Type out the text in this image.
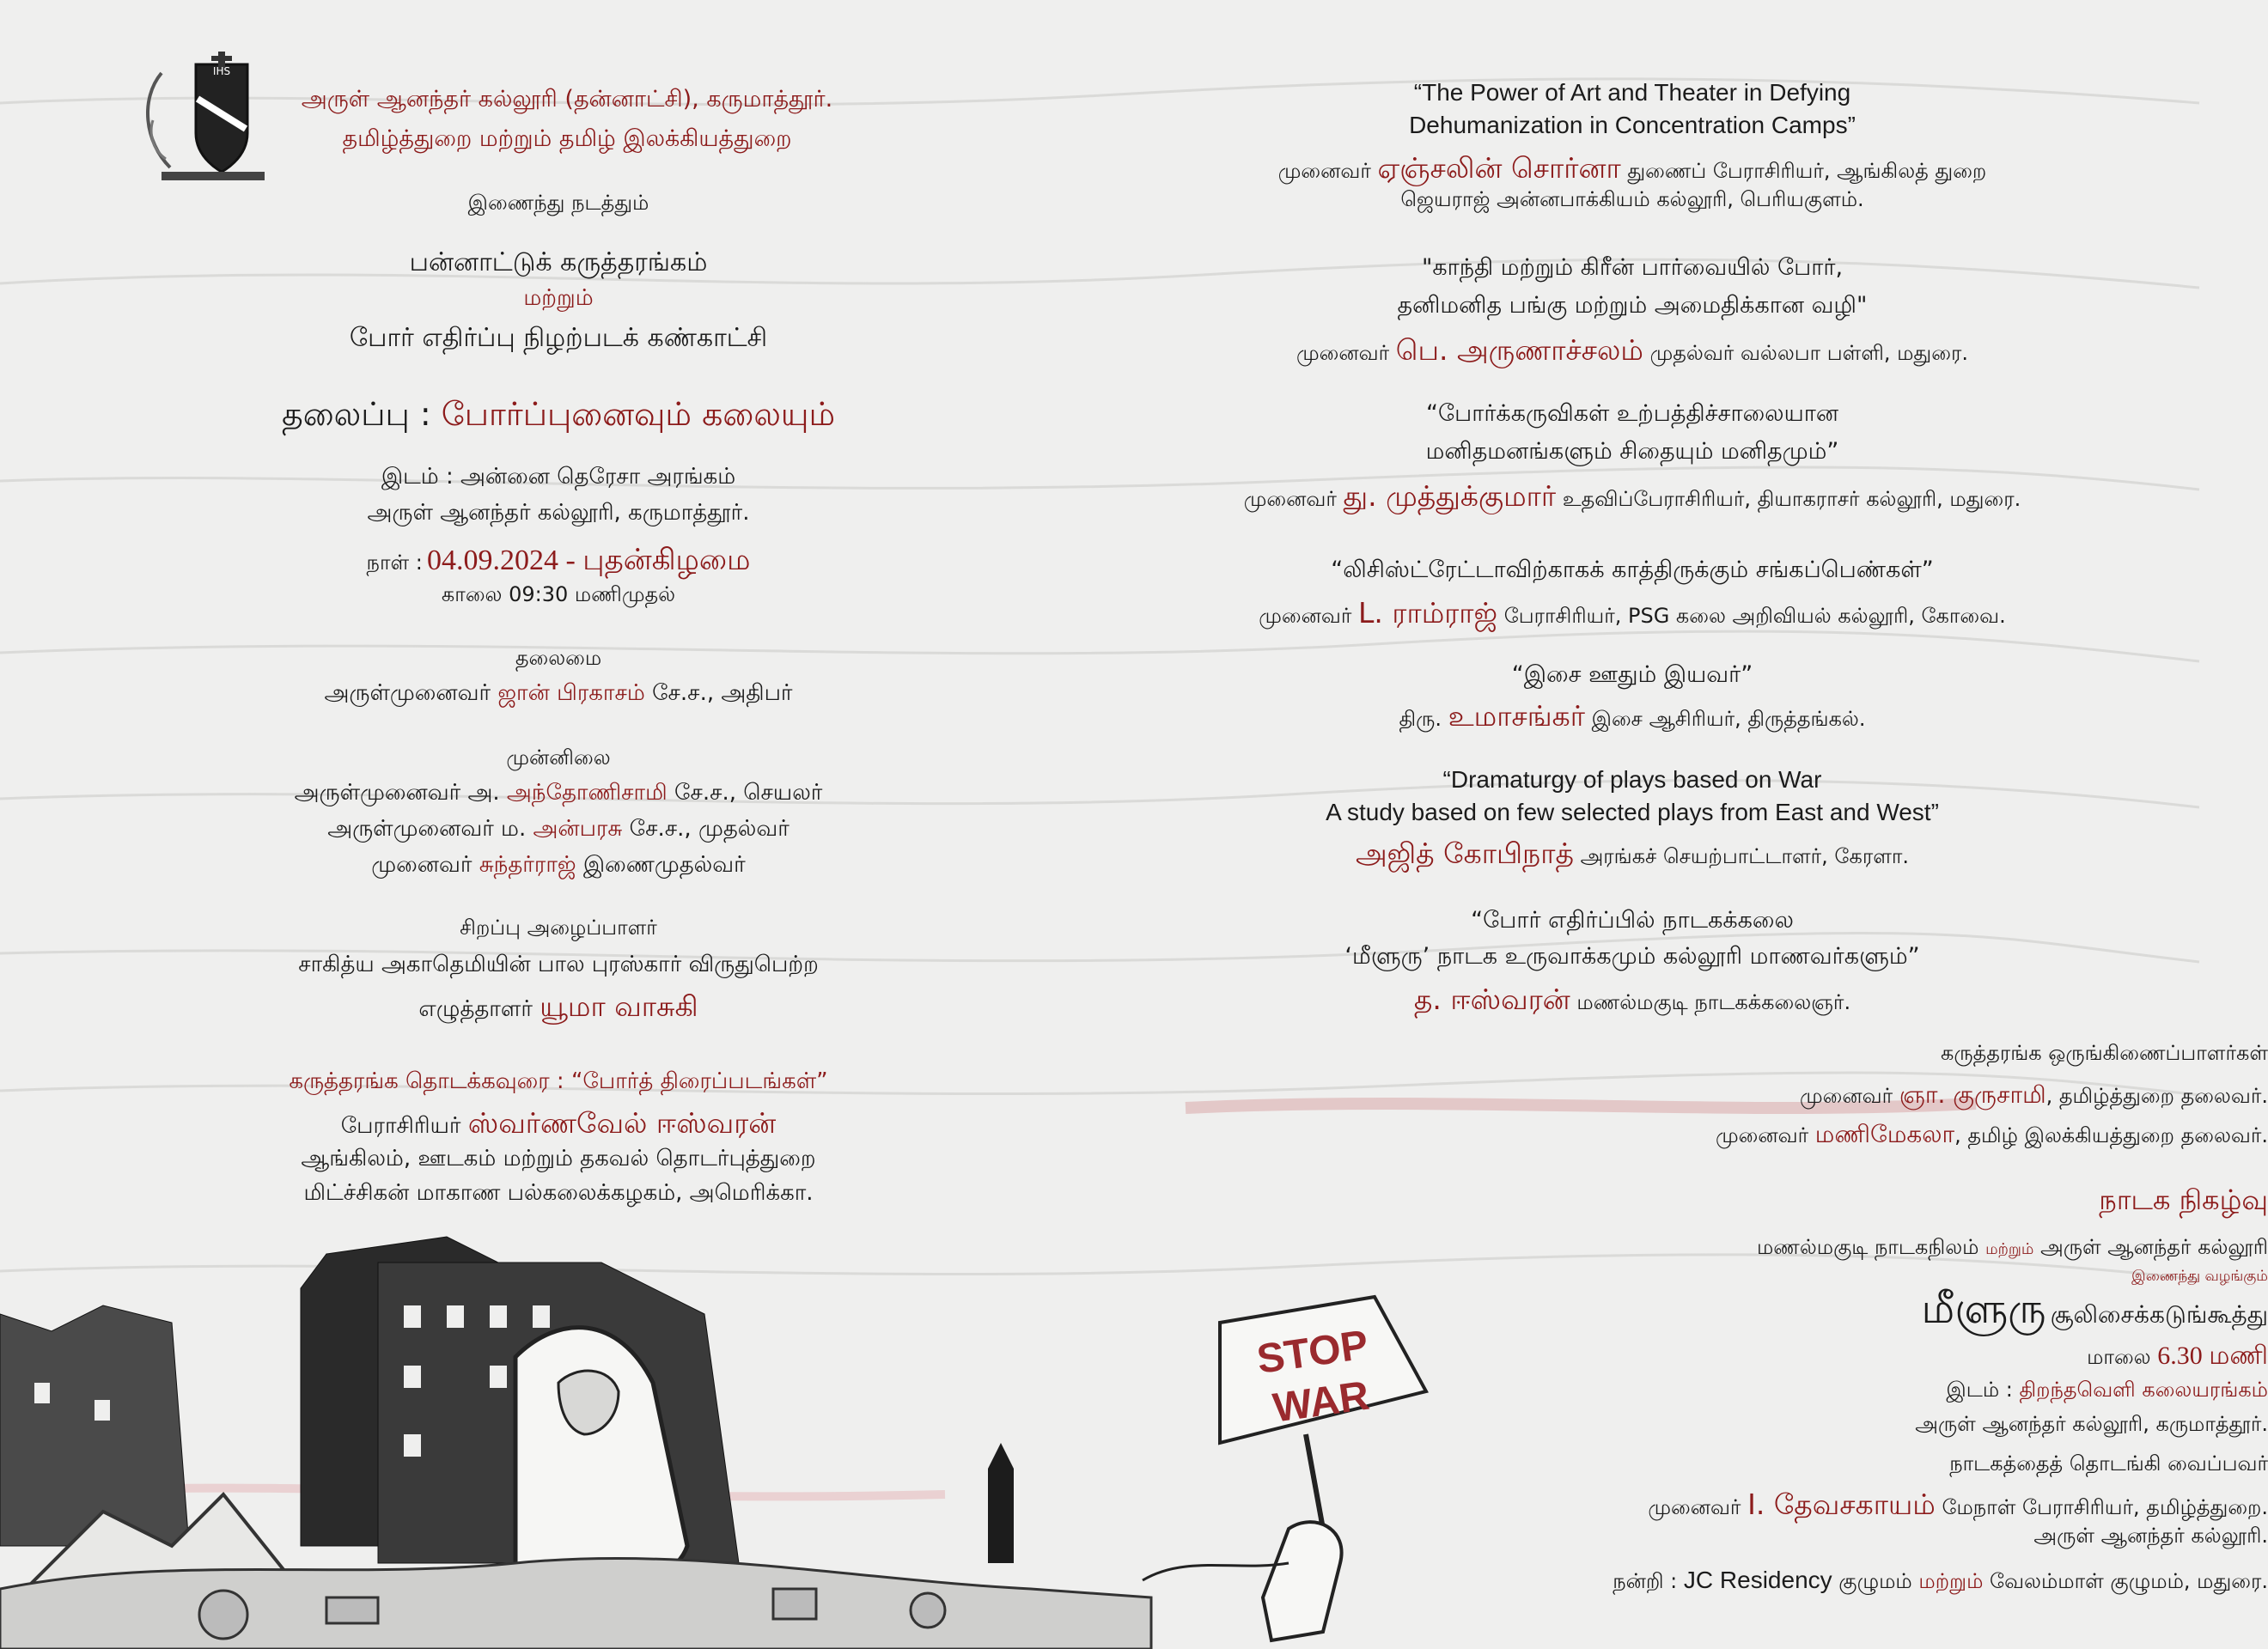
IHS
அருள் ஆனந்தர் கல்லூரி (தன்னாட்சி), கருமாத்தூர்.
தமிழ்த்துறை மற்றும் தமிழ் இலக்கியத்துறை
இணைந்து நடத்தும்
பன்னாட்டுக் கருத்தரங்கம்
மற்றும்
போர் எதிர்ப்பு நிழற்படக் கண்காட்சி
தலைப்பு : போர்ப்புனைவும் கலையும்
இடம் : அன்னை தெரேசா அரங்கம்
அருள் ஆனந்தர் கல்லூரி, கருமாத்தூர்.
நாள் : 04.09.2024 - புதன்கிழமை
காலை 09:30 மணிமுதல்
தலைமை
அருள்முனைவர் ஜான் பிரகாசம் சே.ச., அதிபர்
முன்னிலை
அருள்முனைவர் அ. அந்தோணிசாமி சே.ச., செயலர்
அருள்முனைவர் ம. அன்பரசு சே.ச., முதல்வர்
முனைவர் சுந்தர்ராஜ் இணைமுதல்வர்
சிறப்பு அழைப்பாளர்
சாகித்ய அகாதெமியின் பால புரஸ்கார் விருதுபெற்ற
எழுத்தாளர் யூமா வாசுகி
கருத்தரங்க தொடக்கவுரை : “போர்த் திரைப்படங்கள்”
பேராசிரியர் ஸ்வர்ணவேல் ஈஸ்வரன்
ஆங்கிலம், ஊடகம் மற்றும் தகவல் தொடர்புத்துறை
மிட்ச்சிகன் மாகாண பல்கலைக்கழகம், அமெரிக்கா.
STOP
WAR
“The Power of Art and Theater in Defying
Dehumanization in Concentration Camps”
முனைவர் ஏஞ்சலின் சொர்னா துணைப் பேராசிரியர், ஆங்கிலத் துறை
ஜெயராஜ் அன்னபாக்கியம் கல்லூரி, பெரியகுளம்.
"காந்தி மற்றும் கிரீன் பார்வையில் போர்,
தனிமனித பங்கு மற்றும் அமைதிக்கான வழி"
முனைவர் பெ. அருணாச்சலம் முதல்வர் வல்லபா பள்ளி, மதுரை.
“போர்க்கருவிகள் உற்பத்திச்சாலையான
மனிதமனங்களும் சிதையும் மனிதமும்”
முனைவர் து. முத்துக்குமார் உதவிப்பேராசிரியர், தியாகராசர் கல்லூரி, மதுரை.
“லிசிஸ்ட்ரேட்டாவிற்காகக் காத்திருக்கும் சங்கப்பெண்கள்”
முனைவர் L. ராம்ராஜ் பேராசிரியர், PSG கலை அறிவியல் கல்லூரி, கோவை.
“இசை ஊதும் இயவர்”
திரு. உமாசங்கர் இசை ஆசிரியர், திருத்தங்கல்.
“Dramaturgy of plays based on War
A study based on few selected plays from East and West”
அஜித் கோபிநாத் அரங்கச் செயற்பாட்டாளர், கேரளா.
“போர் எதிர்ப்பில் நாடகக்கலை
‘மீளுரு’ நாடக உருவாக்கமும் கல்லூரி மாணவர்களும்”
த. ஈஸ்வரன் மணல்மகுடி நாடகக்கலைஞர்.
கருத்தரங்க ஒருங்கிணைப்பாளர்கள்
முனைவர் ஞா. குருசாமி, தமிழ்த்துறை தலைவர்.
முனைவர் மணிமேகலா, தமிழ் இலக்கியத்துறை தலைவர்.
நாடக நிகழ்வு
மணல்மகுடி நாடகநிலம் மற்றும் அருள் ஆனந்தர் கல்லூரி
இணைந்து வழங்கும்
மீளுரு சூலிசைக்கடுங்கூத்து
மாலை 6.30 மணி
இடம் : திறந்தவெளி கலையரங்கம்
அருள் ஆனந்தர் கல்லூரி, கருமாத்தூர்.
நாடகத்தைத் தொடங்கி வைப்பவர்
முனைவர் I. தேவசகாயம் மேநாள் பேராசிரியர், தமிழ்த்துறை.
அருள் ஆனந்தர் கல்லூரி.
நன்றி : JC Residency குழுமம் மற்றும் வேலம்மாள் குழுமம், மதுரை.
